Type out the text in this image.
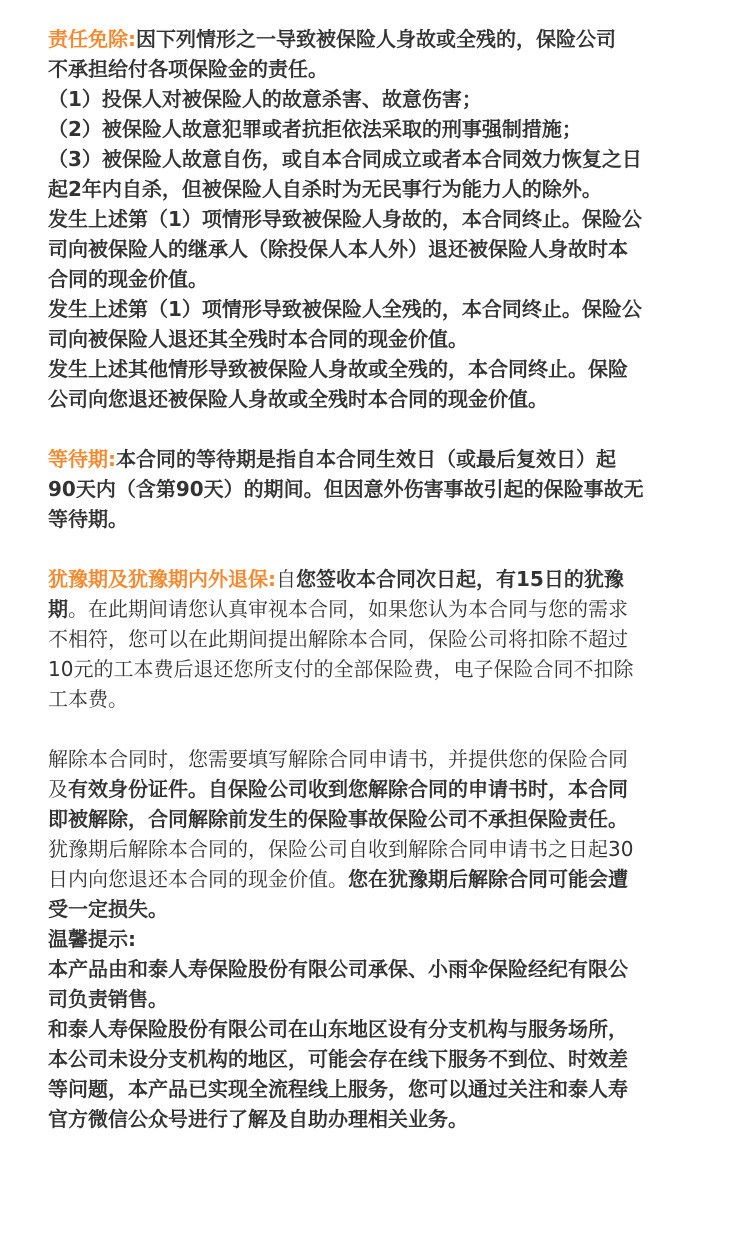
责任免除:因下列情形之一导致被保险人身故或全残的，保险公司
不承担给付各项保险金的责任。
（1）投保人对被保险人的故意杀害、故意伤害；
（2）被保险人故意犯罪或者抗拒依法采取的刑事强制措施；
（3）被保险人故意自伤，或自本合同成立或者本合同效力恢复之日
起2年内自杀，但被保险人自杀时为无民事行为能力人的除外。
发生上述第（1）项情形导致被保险人身故的，本合同终止。保险公
司向被保险人的继承人（除投保人本人外）退还被保险人身故时本
合同的现金价值。
发生上述第（1）项情形导致被保险人全残的，本合同终止。保险公
司向被保险人退还其全残时本合同的现金价值。
发生上述其他情形导致被保险人身故或全残的，本合同终止。保险
公司向您退还被保险人身故或全残时本合同的现金价值。
等待期:本合同的等待期是指自本合同生效日（或最后复效日）起
90天内（含第90天）的期间。但因意外伤害事故引起的保险事故无
等待期。
犹豫期及犹豫期内外退保:自您签收本合同次日起，有15日的犹豫
期。在此期间请您认真审视本合同，如果您认为本合同与您的需求
不相符，您可以在此期间提出解除本合同，保险公司将扣除不超过
10元的工本费后退还您所支付的全部保险费，电子保险合同不扣除
工本费。
解除本合同时，您需要填写解除合同申请书，并提供您的保险合同
及有效身份证件。自保险公司收到您解除合同的申请书时，本合同
即被解除，合同解除前发生的保险事故保险公司不承担保险责任。
犹豫期后解除本合同的，保险公司自收到解除合同申请书之日起30
日内向您退还本合同的现金价值。您在犹豫期后解除合同可能会遭
受一定损失。
温馨提示:
本产品由和泰人寿保险股份有限公司承保、小雨伞保险经纪有限公
司负责销售。
和泰人寿保险股份有限公司在山东地区设有分支机构与服务场所，
本公司未设分支机构的地区，可能会存在线下服务不到位、时效差
等问题，本产品已实现全流程线上服务，您可以通过关注和泰人寿
官方微信公众号进行了解及自助办理相关业务。
